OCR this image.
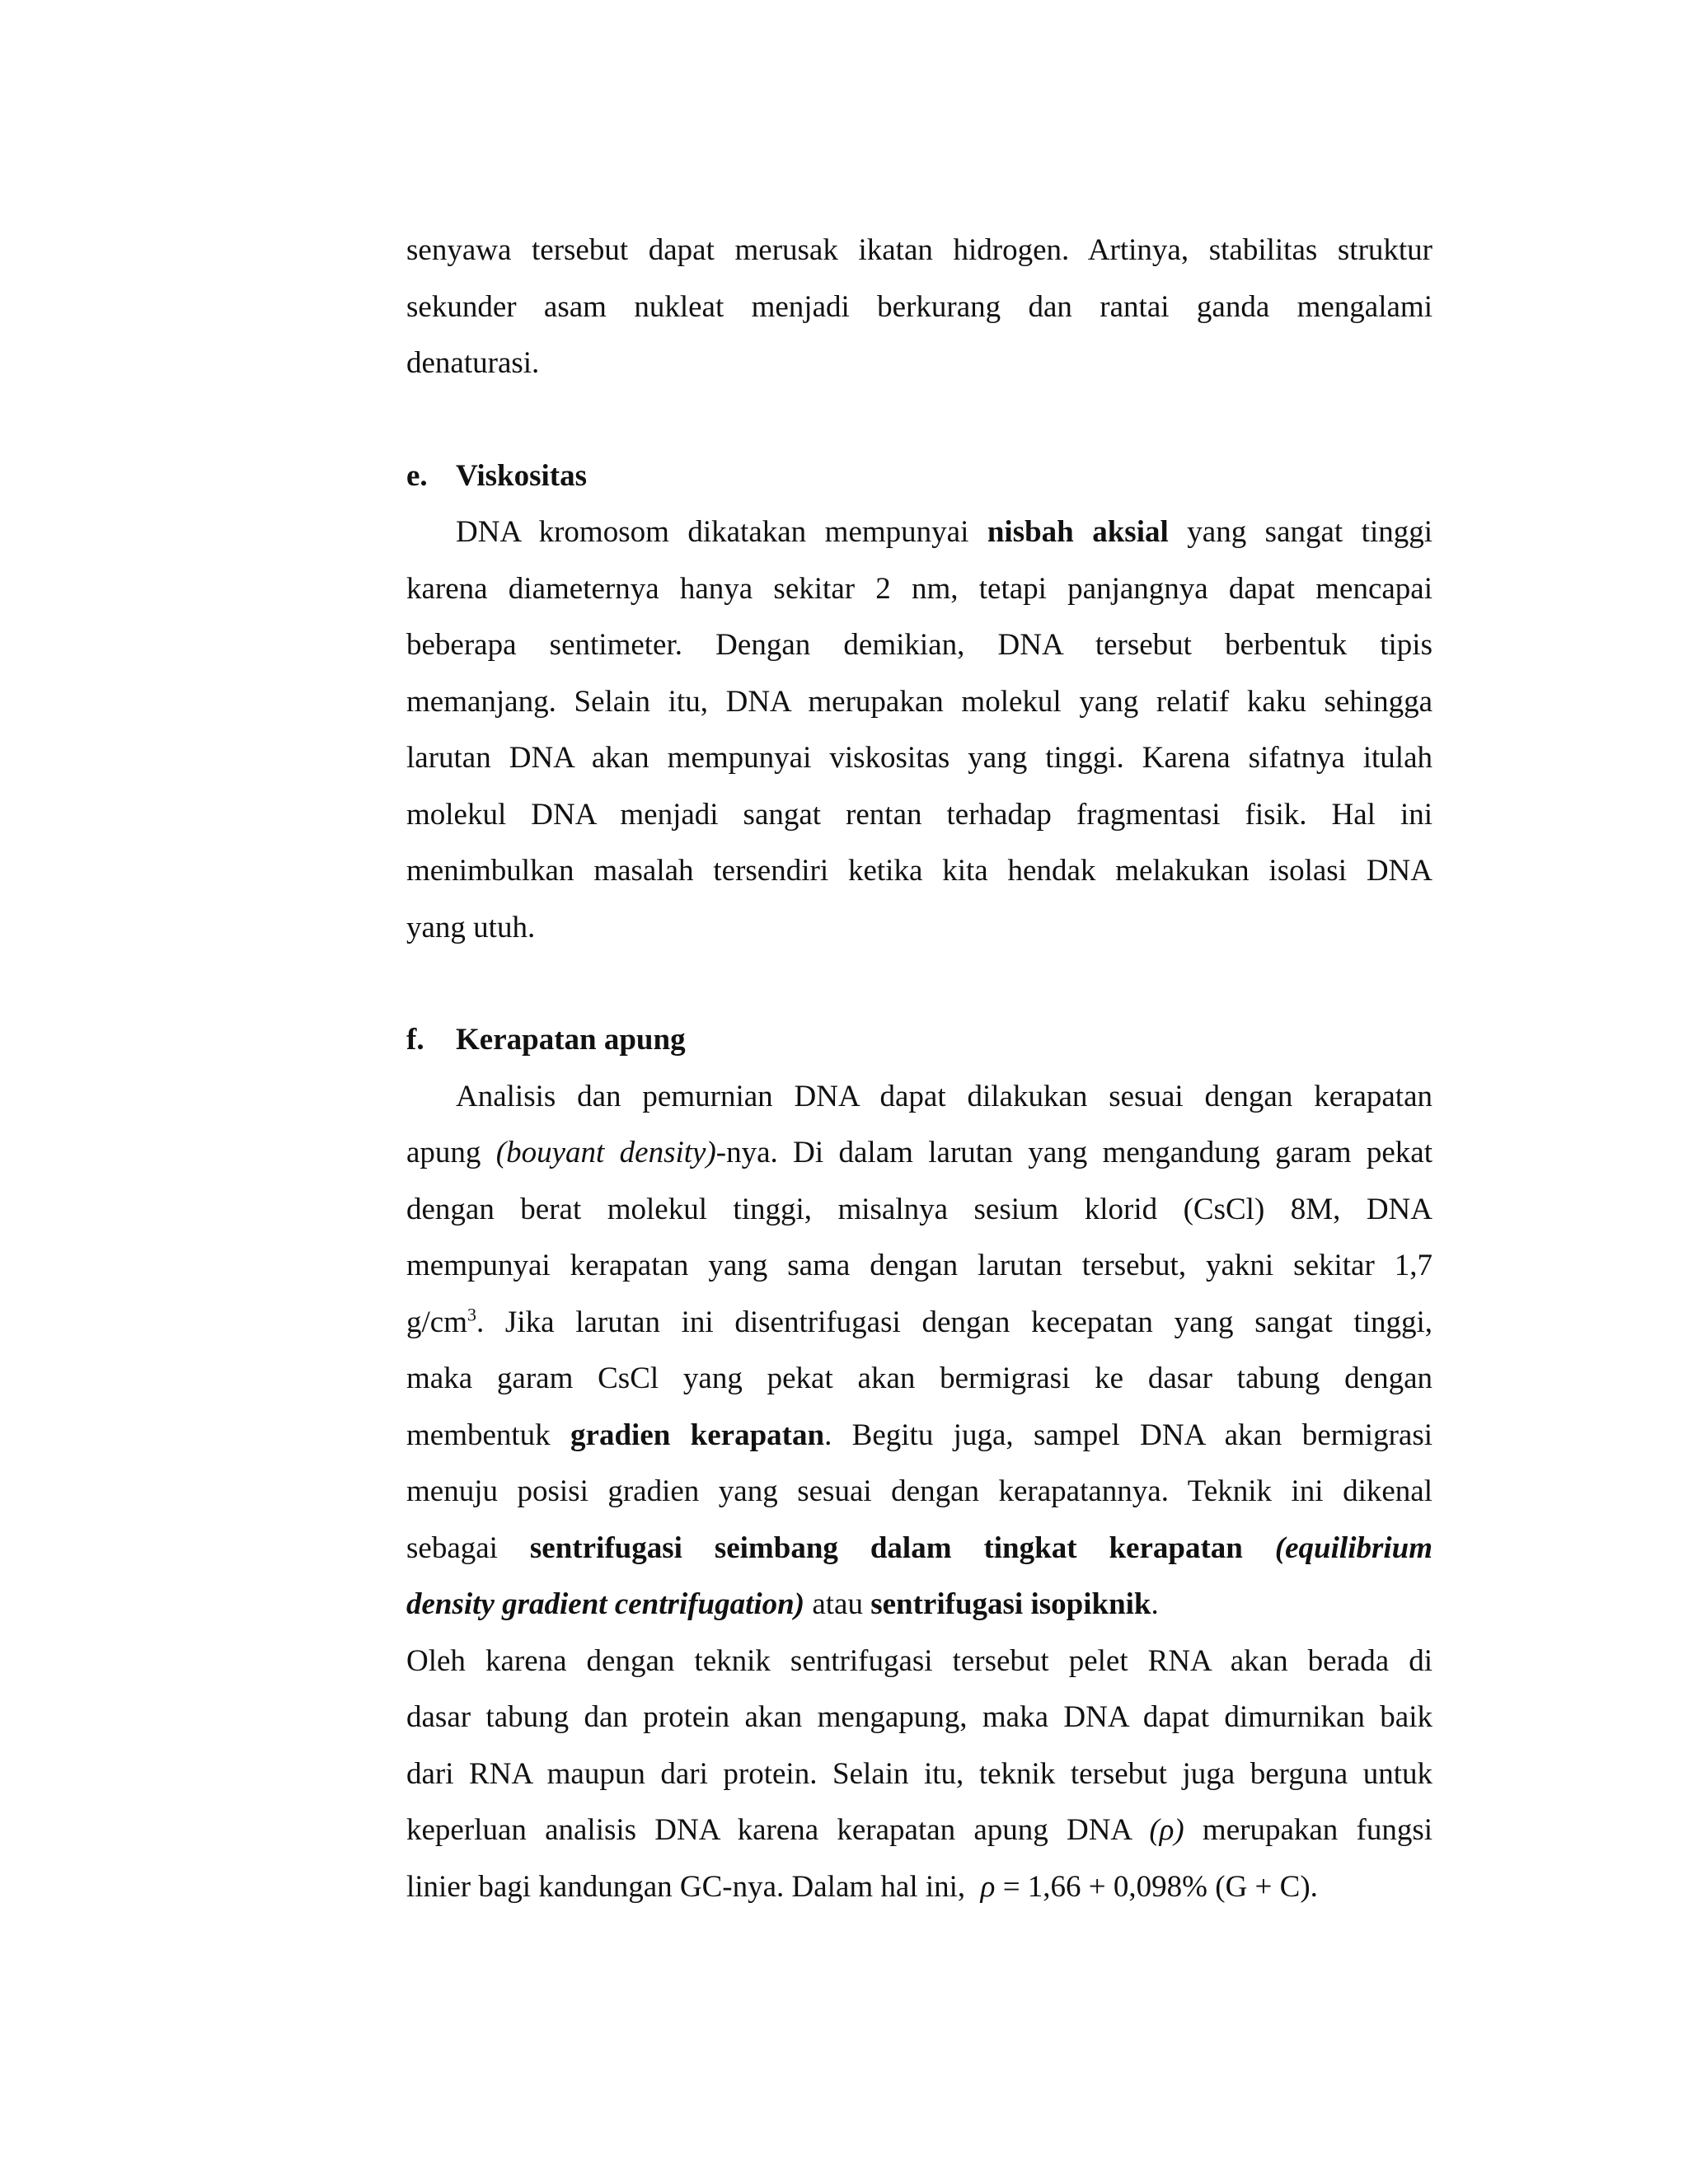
senyawa tersebut dapat merusak ikatan hidrogen. Artinya, stabilitas struktur
sekunder asam nukleat menjadi berkurang dan rantai ganda mengalami
denaturasi.
e. Viskositas
DNA kromosom dikatakan mempunyai nisbah aksial yang sangat tinggi
karena diameternya hanya sekitar 2 nm, tetapi panjangnya dapat mencapai
beberapa sentimeter. Dengan demikian, DNA tersebut berbentuk tipis
memanjang. Selain itu, DNA merupakan molekul yang relatif kaku sehingga
larutan DNA akan mempunyai viskositas yang tinggi. Karena sifatnya itulah
molekul DNA menjadi sangat rentan terhadap fragmentasi fisik. Hal ini
menimbulkan masalah tersendiri ketika kita hendak melakukan isolasi DNA
yang utuh.
f. Kerapatan apung
Analisis dan pemurnian DNA dapat dilakukan sesuai dengan kerapatan
apung (bouyant density)-nya. Di dalam larutan yang mengandung garam pekat
dengan berat molekul tinggi, misalnya sesium klorid (CsCl) 8M, DNA
mempunyai kerapatan yang sama dengan larutan tersebut, yakni sekitar 1,7
$g/cm^3$. Jika larutan ini disentrifugasi dengan kecepatan yang sangat tinggi,
maka garam CsCl yang pekat akan bermigrasi ke dasar tabung dengan
membentuk gradien kerapatan. Begitu juga, sampel DNA akan bermigrasi
menuju posisi gradien yang sesuai dengan kerapatannya. Teknik ini dikenal
sebagai sentrifugasi seimbang dalam tingkat kerapatan (equilibrium
density gradient centrifugation) atau sentrifugasi isopiknik.
Oleh karena dengan teknik sentrifugasi tersebut pelet RNA akan berada di
dasar tabung dan protein akan mengapung, maka DNA dapat dimurnikan baik
dari RNA maupun dari protein. Selain itu, teknik tersebut juga berguna untuk
keperluan analisis DNA karena kerapatan apung DNA (ρ) merupakan fungsi
linier bagi kandungan GC-nya. Dalam hal ini, ρ = 1,66 + 0,098% (G + C).
